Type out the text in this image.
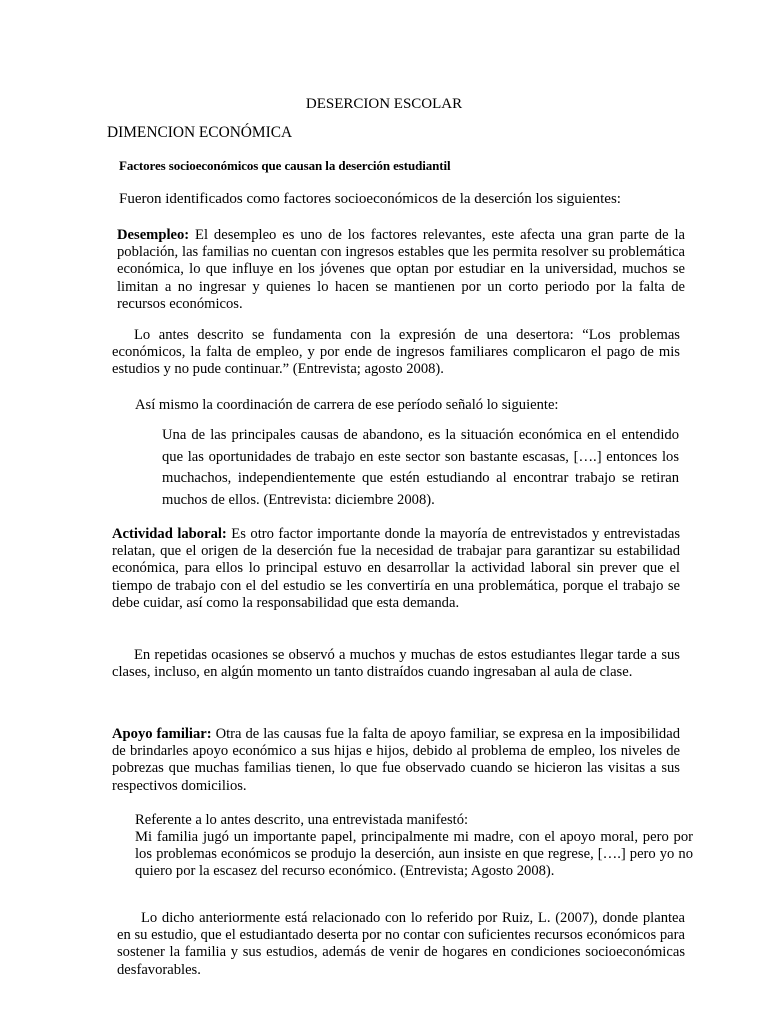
DESERCION ESCOLAR

DIMENCION ECONÓMICA

Factores socioeconómicos que causan la deserción estudiantil

Fueron identificados como factores socioeconómicos de la deserción los siguientes:

Desempleo: El desempleo es uno de los factores relevantes, este afecta una gran parte de la población, las familias no cuentan con ingresos estables que les permita resolver su problemática económica, lo que influye en los jóvenes que optan por estudiar en la universidad, muchos se limitan a no ingresar y quienes lo hacen se mantienen por un corto periodo por la falta de recursos económicos.

Lo antes descrito se fundamenta con la expresión de una desertora: “Los problemas económicos, la falta de empleo, y por ende de ingresos familiares complicaron el pago de mis estudios y no pude continuar.” (Entrevista; agosto 2008).

Así mismo la coordinación de carrera de ese período señaló lo siguiente:

Una de las principales causas de abandono, es la situación económica en el entendido que las oportunidades de trabajo en este sector son bastante escasas, [….] entonces los muchachos, independientemente que estén estudiando al encontrar trabajo se retiran muchos de ellos. (Entrevista: diciembre 2008).

Actividad laboral: Es otro factor importante donde la mayoría de entrevistados y entrevistadas relatan, que el origen de la deserción fue la necesidad de trabajar para garantizar su estabilidad económica, para ellos lo principal estuvo en desarrollar la actividad laboral sin prever que el tiempo de trabajo con el del estudio se les convertiría en una problemática, porque el trabajo se debe cuidar, así como la responsabilidad que esta demanda.

En repetidas ocasiones se observó a muchos y muchas de estos estudiantes llegar tarde a sus clases, incluso, en algún momento un tanto distraídos cuando ingresaban al aula de clase.

Apoyo familiar: Otra de las causas fue la falta de apoyo familiar, se expresa en la imposibilidad de brindarles apoyo económico a sus hijas e hijos, debido al problema de empleo, los niveles de pobrezas que muchas familias tienen, lo que fue observado cuando se hicieron las visitas a sus respectivos domicilios.

Referente a lo antes descrito, una entrevistada manifestó:

Mi familia jugó un importante papel, principalmente mi madre, con el apoyo moral, pero por los problemas económicos se produjo la deserción, aun insiste en que regrese, [….] pero yo no quiero por la escasez del recurso económico. (Entrevista; Agosto 2008).

Lo dicho anteriormente está relacionado con lo referido por Ruiz, L. (2007), donde plantea en su estudio, que el estudiantado deserta por no contar con suficientes recursos económicos para sostener la familia y sus estudios, además de venir de hogares en condiciones socioeconómicas desfavorables.
